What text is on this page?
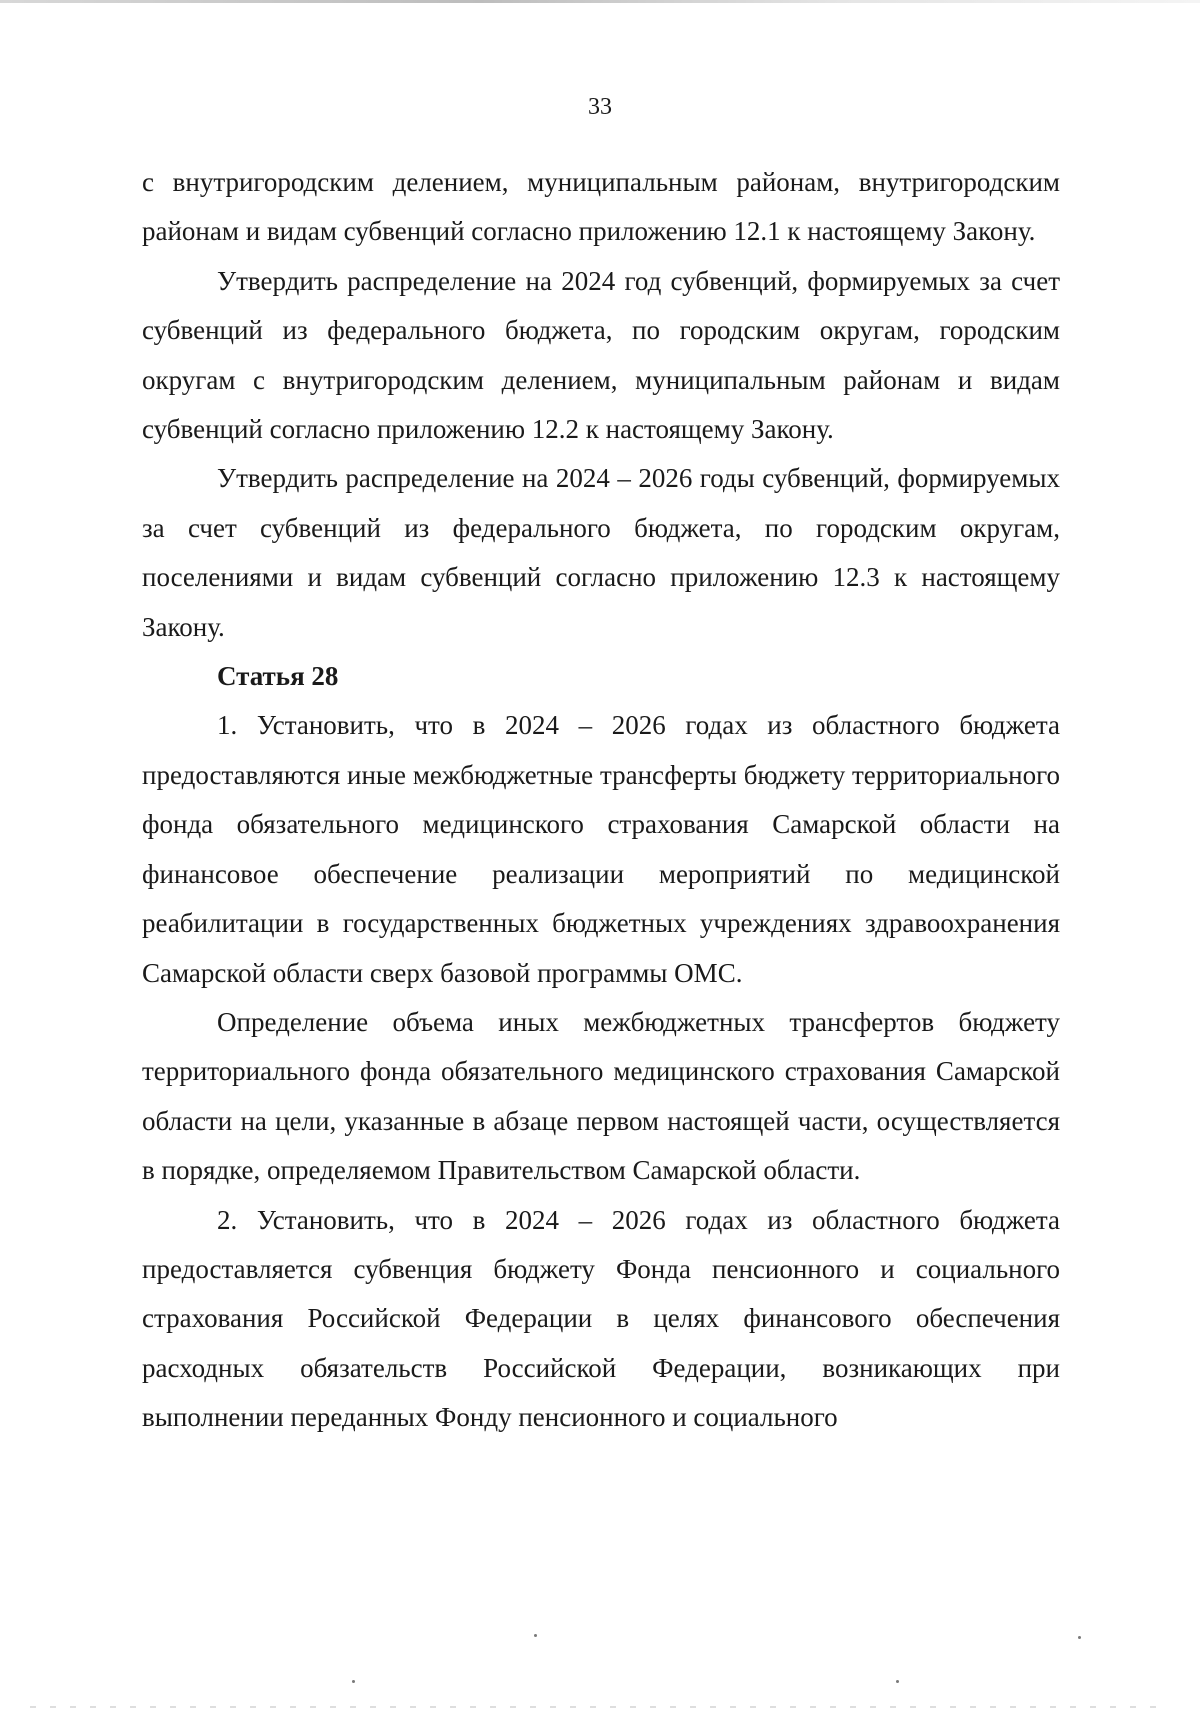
33

с внутригородским делением, муниципальным районам, внутригородским районам и видам субвенций согласно приложению 12.1 к настоящему Закону.

Утвердить распределение на 2024 год субвенций, формируемых за счет субвенций из федерального бюджета, по городским округам, городским округам с внутригородским делением, муниципальным районам и видам субвенций согласно приложению 12.2 к настоящему Закону.

Утвердить распределение на 2024 – 2026 годы субвенций, формируемых за счет субвенций из федерального бюджета, по городским округам, поселениями и видам субвенций согласно приложению 12.3 к настоящему Закону.

Статья 28

1. Установить, что в 2024 – 2026 годах из областного бюджета предоставляются иные межбюджетные трансферты бюджету территориального фонда обязательного медицинского страхования Самарской области на финансовое обеспечение реализации мероприятий по медицинской реабилитации в государственных бюджетных учреждениях здравоохранения Самарской области сверх базовой программы ОМС.

Определение объема иных межбюджетных трансфертов бюджету территориального фонда обязательного медицинского страхования Самарской области на цели, указанные в абзаце первом настоящей части, осуществляется в порядке, определяемом Правительством Самарской области.

2. Установить, что в 2024 – 2026 годах из областного бюджета предоставляется субвенция бюджету Фонда пенсионного и социального страхования Российской Федерации в целях финансового обеспечения расходных обязательств Российской Федерации, возникающих при выполнении переданных Фонду пенсионного и социального
